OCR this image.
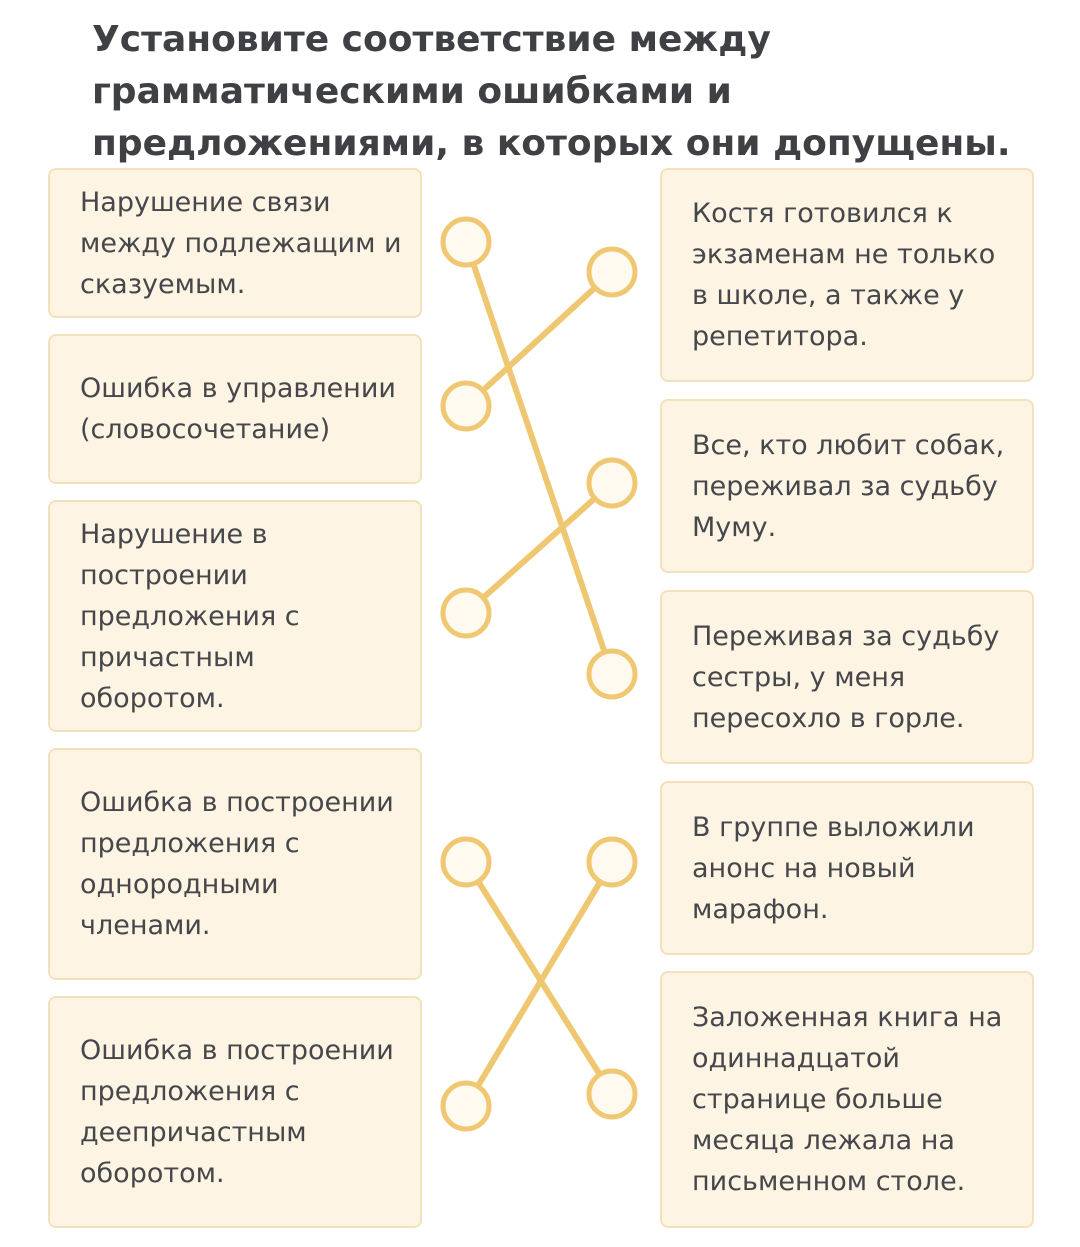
Установите соответствие между грамматическими ошибками и предложениями, в которых они допущены.
Нарушение связи между подлежащим и сказуемым.
Ошибка в управлении (словосочетание)
Нарушение в построении предложения с причастным оборотом.
Ошибка в построении предложения с однородными членами.
Ошибка в построении предложения с деепричастным оборотом.
Костя готовился к экзаменам не только в школе, а также у репетитора.
Все, кто любит собак, переживал за судьбу Муму.
Переживая за судьбу сестры, у меня пересохло в горле.
В группе выложили анонс на новый марафон.
Заложенная книга на одиннадцатой странице больше месяца лежала на письменном столе.
